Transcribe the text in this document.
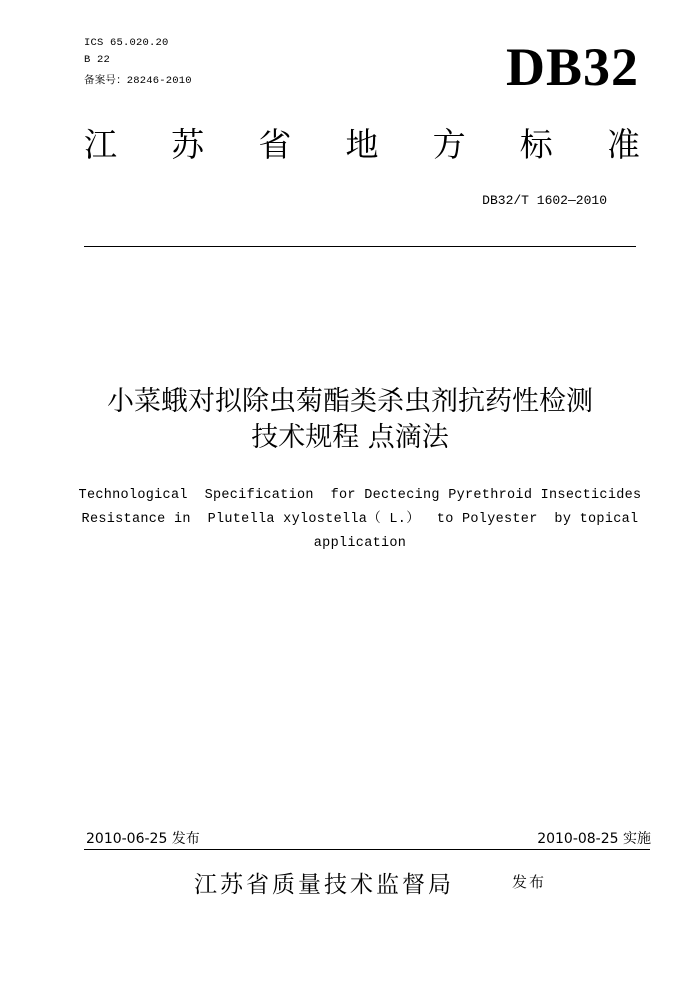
ICS 65.020.20
B 22
备案号：28246-2010	DB32
江 苏 省 地 方 标 准
DB32/T 1602—2010
小菜蛾对拟除虫菊酯类杀虫剂抗药性检测
技术规程 点滴法
Technological  Specification  for Dectecing Pyrethroid Insecticides
Resistance in  Plutella xylostella（ L.）  to Polyester  by topical
application
2010-06-25 发布	2010-08-25 实施
江苏省质量技术监督局	发布
